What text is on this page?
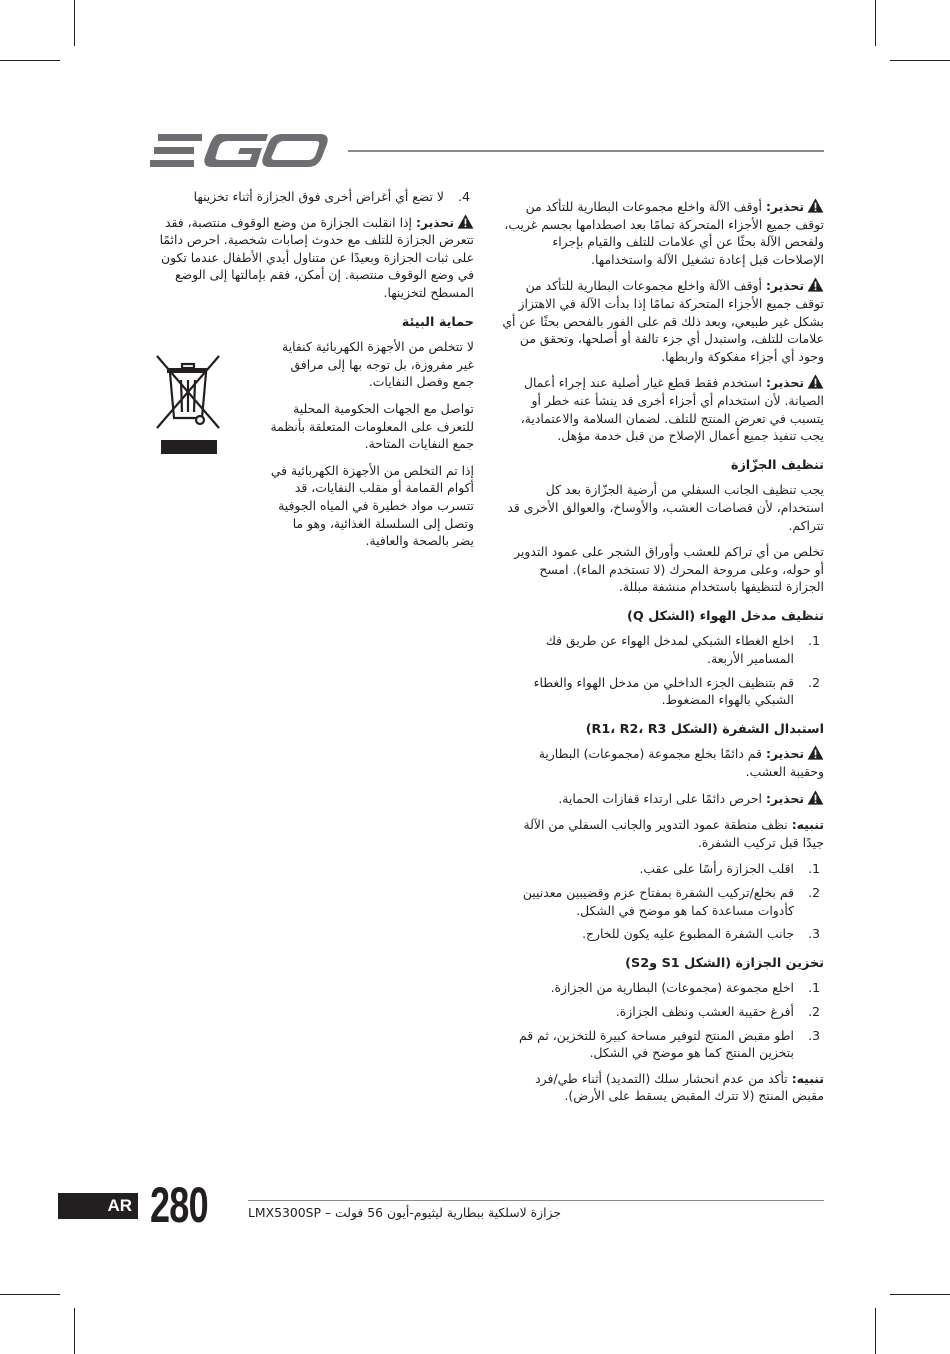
تحذير: أوقف الآلة واخلع مجموعات البطارية للتأكد من توقف جميع الأجزاء المتحركة تمامًا بعد اصطدامها بجسم غريب، ولفحص الآلة بحثًا عن أي علامات للتلف والقيام بإجراء الإصلاحات قبل إعادة تشغيل الآلة واستخدامها.

تحذير: أوقف الآلة واخلع مجموعات البطارية للتأكد من توقف جميع الأجزاء المتحركة تمامًا إذا بدأت الآلة في الاهتزاز بشكل غير طبيعي، وبعد ذلك قم على الفور بالفحص بحثًا عن أي علامات للتلف، واستبدل أي جزء تالفة أو أصلحها، وتحقق من وجود أي أجزاء مفكوكة واربطها.

تحذير: استخدم فقط قطع غيار أصلية عند إجراء أعمال الصيانة. لأن استخدام أي أجزاء أخرى قد ينشأ عنه خطر أو يتسبب في تعرض المنتج للتلف. لضمان السلامة والاعتمادية، يجب تنفيذ جميع أعمال الإصلاح من قبل خدمة مؤهل.

تنظيف الجزّازة

يجب تنظيف الجانب السفلي من أرضية الجزّازة بعد كل استخدام، لأن قصاصات العشب، والأوساخ، والعوالق الأخرى قد تتراكم.

تخلص من أي تراكم للعشب وأوراق الشجر على عمود التدوير أو حوله، وعلى مروحة المحرك (لا تستخدم الماء). امسح الجزازة لتنظيفها باستخدام منشفة مبللة.

تنظيف مدخل الهواء (الشكل Q)
1.
اخلع الغطاء الشبكي لمدخل الهواء عن طريق فك المسامير الأربعة.
2.
قم بتنظيف الجزء الداخلي من مدخل الهواء والغطاء الشبكي بالهواء المضغوط.
استبدال الشفرة (الشكل R1، R2، R3)

تحذير: قم دائمًا بخلع مجموعة (مجموعات) البطارية وحقيبة العشب.

تحذير: احرص دائمًا على ارتداء قفازات الحماية.

تنبيه: نظف منطقة عمود التدوير والجانب السفلي من الآلة جيدًا قبل تركيب الشفرة.

1.
اقلب الجزازة رأسًا على عقب.
2.
قم بخلع/تركيب الشفرة بمفتاح عزم وقضيبين معدنيين كأدوات مساعدة كما هو موضح في الشكل.
3.
جانب الشفرة المطبوع عليه يكون للخارج.
تخزين الجزازة (الشكل S1 وS2)
1.
اخلع مجموعة (مجموعات) البطارية من الجزازة.
2.
أفرغ حقيبة العشب ونظف الجزازة.
3.
اطو مقبض المنتج لتوفير مساحة كبيرة للتخزين، ثم قم بتخزين المنتج كما هو موضح في الشكل.

تنبيه: تأكد من عدم انحشار سلك (التمديد) أثناء طي/فرد مقبض المنتج (لا تترك المقبض يسقط على الأرض).

4.
لا تضع أي أغراض أخرى فوق الجزازة أثناء تخزينها

تحذير: إذا انقلبت الجزازة من وضع الوقوف منتصبة، فقد تتعرض الجزازة للتلف مع حدوث إصابات شخصية. احرص دائمًا على ثبات الجزازة وبعيدًا عن متناول أيدي الأطفال عندما تكون في وضع الوقوف منتصبة. إن أمكن، فقم بإمالتها إلى الوضع المسطح لتخزينها.

حماية البيئة

لا تتخلص من الأجهزة الكهربائية كنفاية غير مفروزة، بل توجه بها إلى مرافق جمع وفصل النفايات.

تواصل مع الجهات الحكومية المحلية للتعرف على المعلومات المتعلقة بأنظمة جمع النفايات المتاحة.

إذا تم التخلص من الأجهزة الكهربائية في أكوام القمامة أو مقلب النفايات، قد تتسرب مواد خطيرة في المياه الجوفية وتصل إلى السلسلة الغذائية، وهو ما يضر بالصحة والعافية.

جزازة لاسلكية ببطارية ليثيوم-أيون 56 فولت – LMX5300SP
AR 280
